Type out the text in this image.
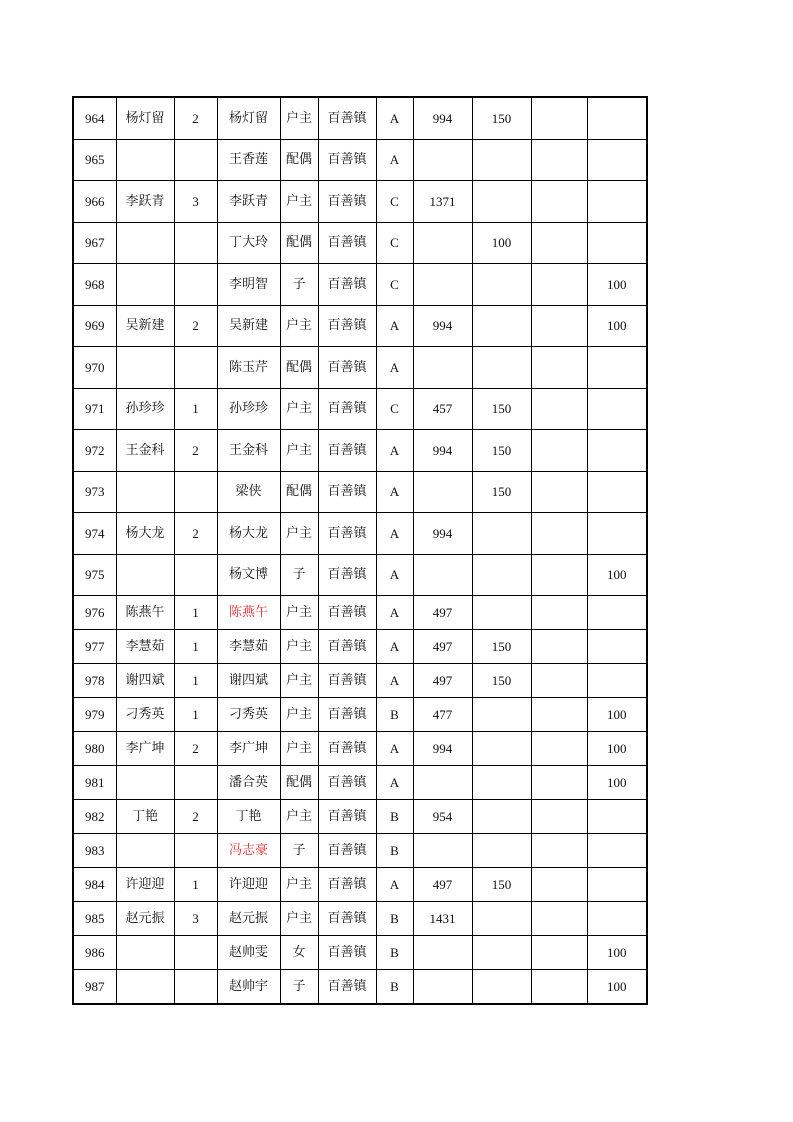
964	杨灯留	2	杨灯留	户主	百善镇	A	994	150		
965			王香莲	配偶	百善镇	A				
966	李跃青	3	李跃青	户主	百善镇	C	1371			
967			丁大玲	配偶	百善镇	C		100		
968			李明智	子	百善镇	C				100
969	吴新建	2	吴新建	户主	百善镇	A	994			100
970			陈玉芹	配偶	百善镇	A				
971	孙珍珍	1	孙珍珍	户主	百善镇	C	457	150		
972	王金科	2	王金科	户主	百善镇	A	994	150		
973			梁侠	配偶	百善镇	A		150		
974	杨大龙	2	杨大龙	户主	百善镇	A	994			
975			杨文博	子	百善镇	A				100
976	陈燕午	1	陈燕午	户主	百善镇	A	497			
977	李慧茹	1	李慧茹	户主	百善镇	A	497	150		
978	谢四斌	1	谢四斌	户主	百善镇	A	497	150		
979	刁秀英	1	刁秀英	户主	百善镇	B	477			100
980	李广坤	2	李广坤	户主	百善镇	A	994			100
981			潘合英	配偶	百善镇	A				100
982	丁艳	2	丁艳	户主	百善镇	B	954			
983			冯志豪	子	百善镇	B				
984	许迎迎	1	许迎迎	户主	百善镇	A	497	150		
985	赵元振	3	赵元振	户主	百善镇	B	1431			
986			赵帅雯	女	百善镇	B				100
987			赵帅宇	子	百善镇	B				100
